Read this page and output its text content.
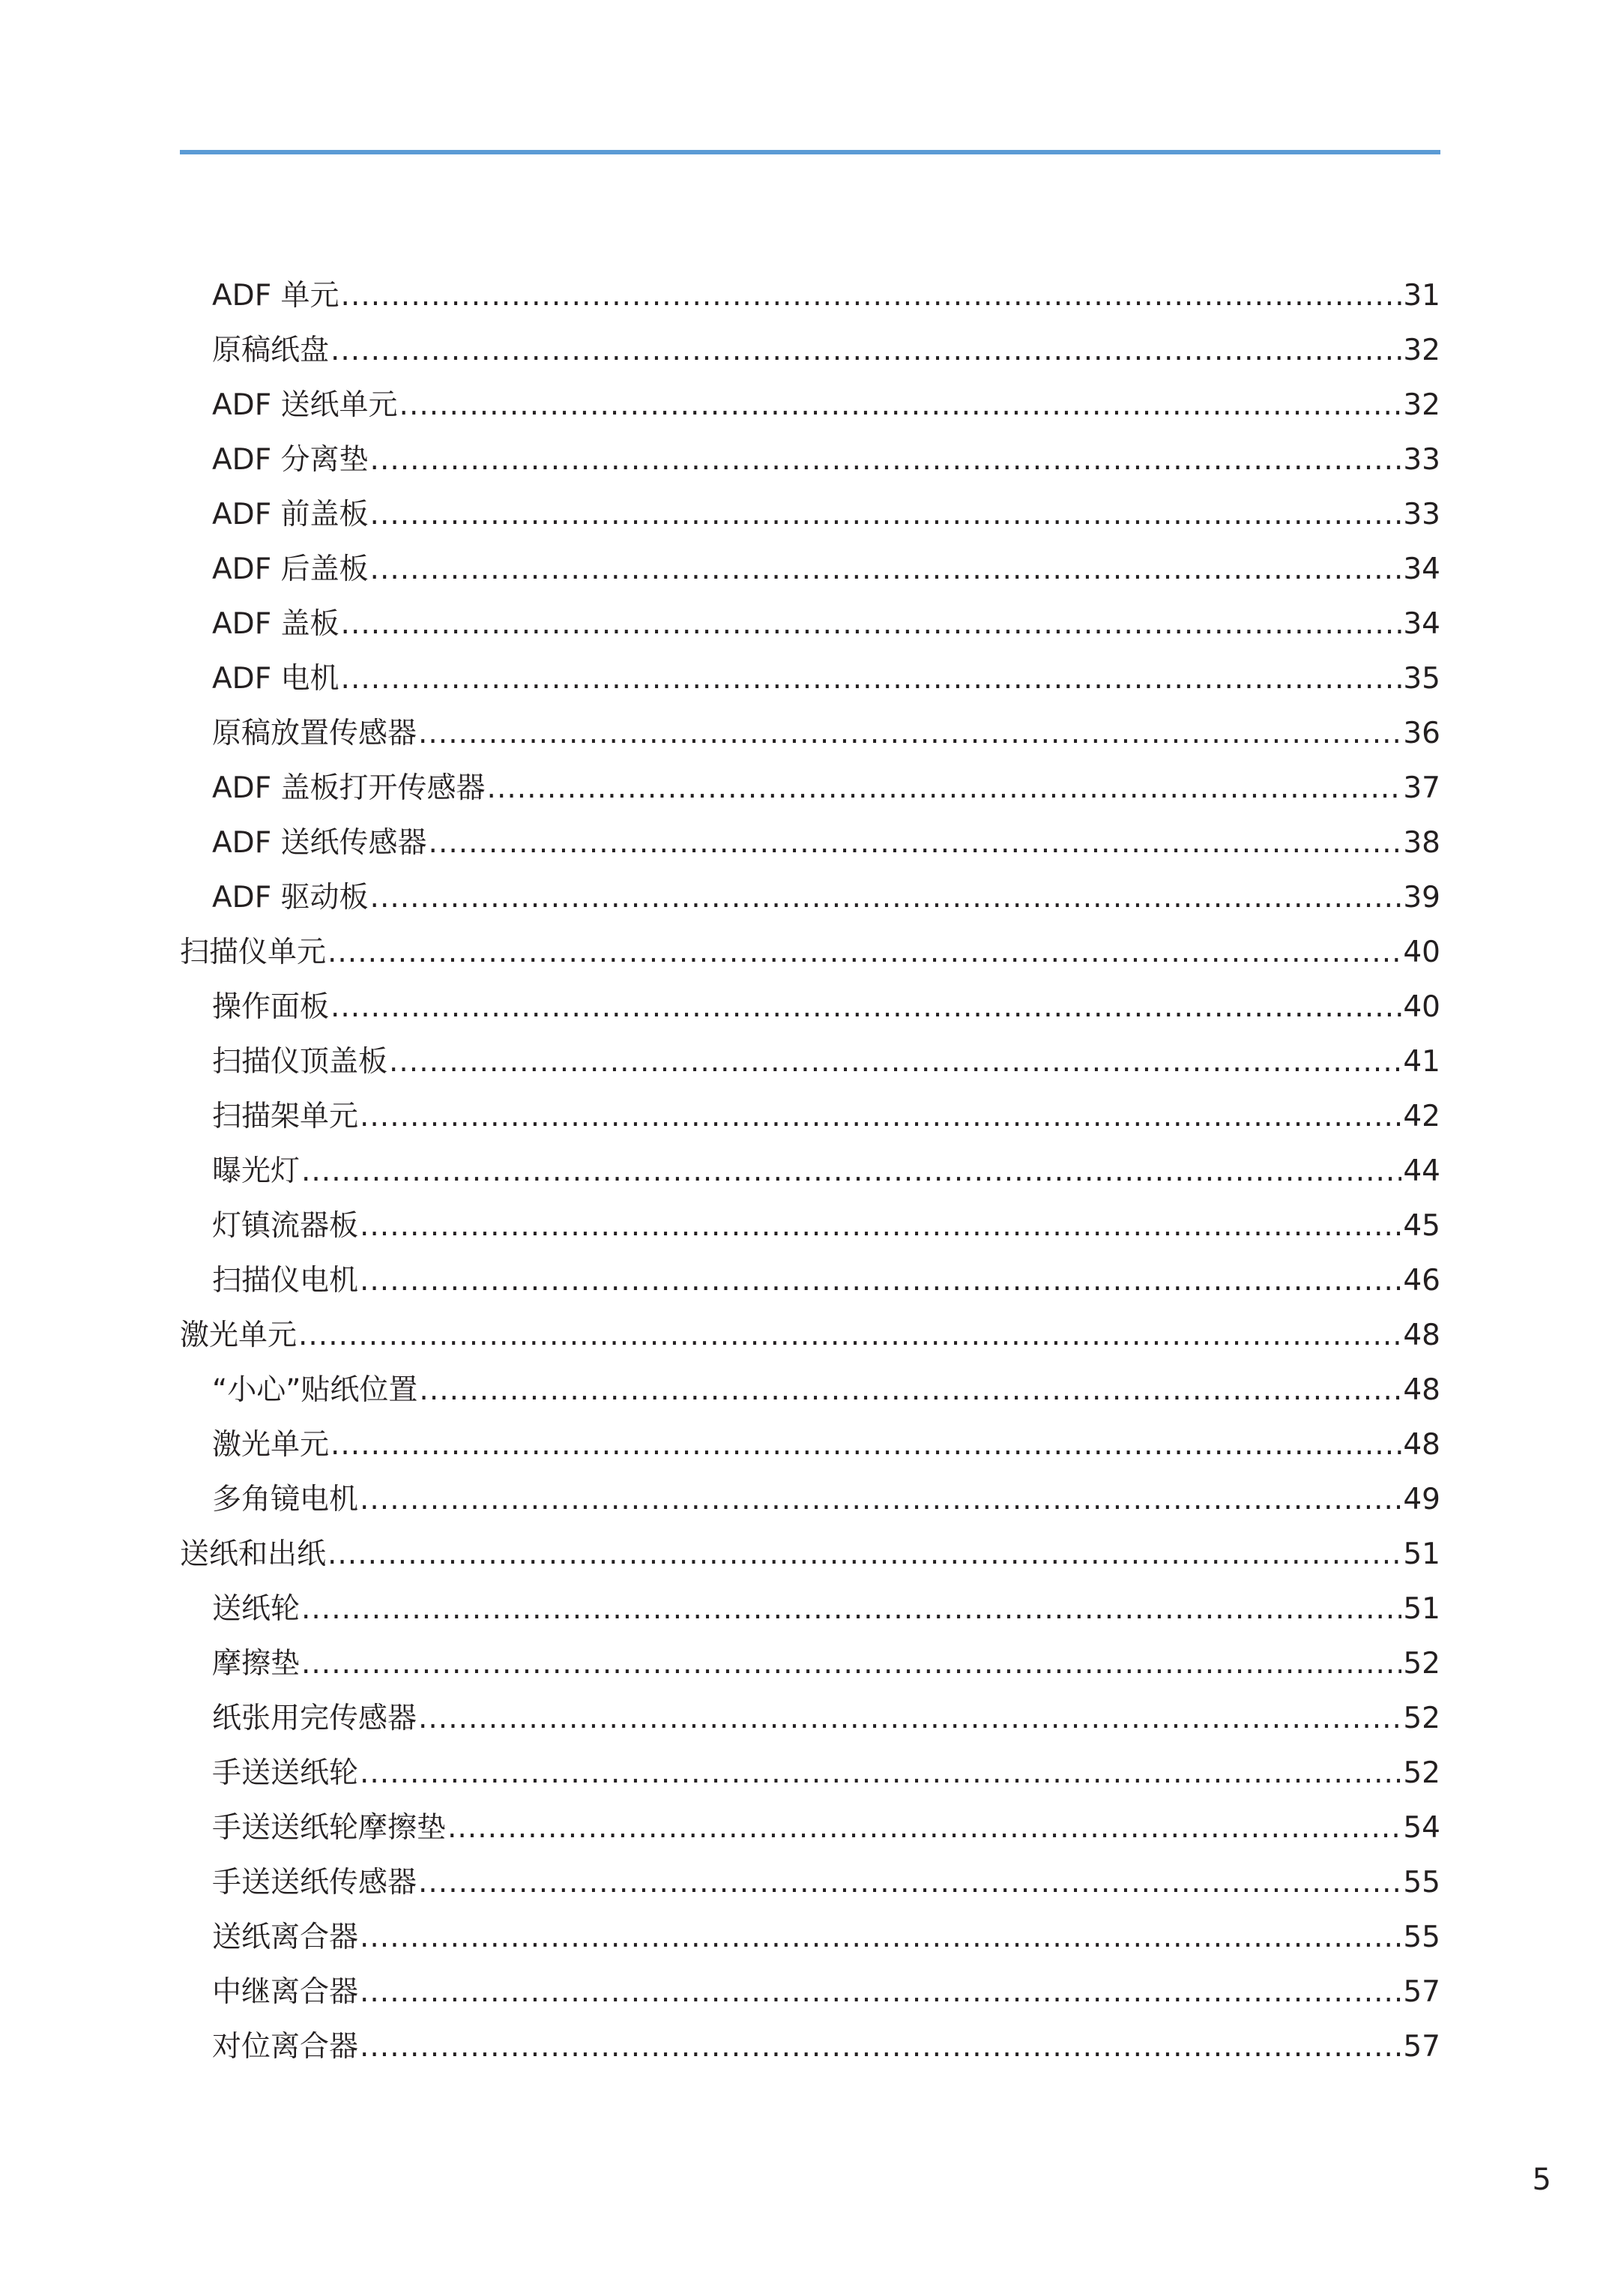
ADF 单元 .....	31
原稿纸盘 .....	32
ADF 送纸单元 .....	32
ADF 分离垫 .....	33
ADF 前盖板 .....	33
ADF 后盖板 .....	34
ADF 盖板 .....	34
ADF 电机 .....	35
原稿放置传感器 .....	36
ADF 盖板打开传感器 .....	37
ADF 送纸传感器 .....	38
ADF 驱动板 .....	39
扫描仪单元 .....	40
操作面板 .....	40
扫描仪顶盖板 .....	41
扫描架单元 .....	42
曝光灯 .....	44
灯镇流器板 .....	45
扫描仪电机 .....	46
激光单元 .....	48
“小心”贴纸位置 .....	48
激光单元 .....	48
多角镜电机 .....	49
送纸和出纸 .....	51
送纸轮 .....	51
摩擦垫 .....	52
纸张用完传感器 .....	52
手送送纸轮 .....	52
手送送纸轮摩擦垫 .....	54
手送送纸传感器 .....	55
送纸离合器 .....	55
中继离合器 .....	57
对位离合器 .....	57
5
